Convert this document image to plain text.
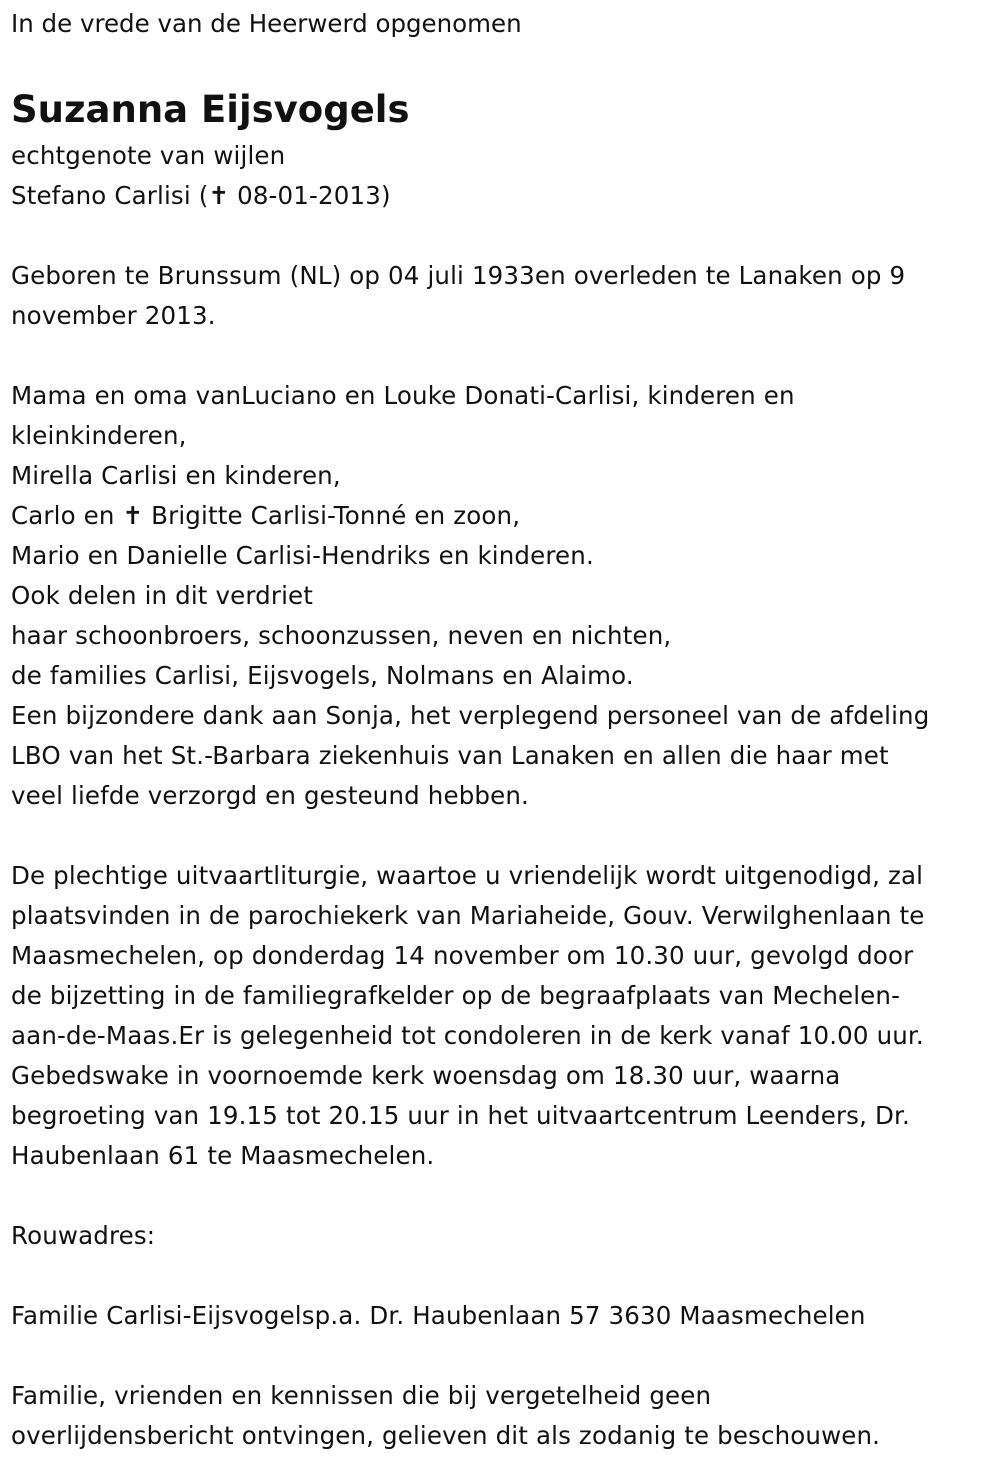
In de vrede van de Heerwerd opgenomen
Suzanna Eijsvogels
echtgenote van wijlen
Stefano Carlisi (✝ 08-01-2013)
Geboren te Brunssum (NL) op 04 juli 1933en overleden te Lanaken op 9
november 2013.
Mama en oma vanLuciano en Louke Donati-Carlisi, kinderen en
kleinkinderen,
Mirella Carlisi en kinderen,
Carlo en ✝ Brigitte Carlisi-Tonné en zoon,
Mario en Danielle Carlisi-Hendriks en kinderen.
Ook delen in dit verdriet
haar schoonbroers, schoonzussen, neven en nichten,
de families Carlisi, Eijsvogels, Nolmans en Alaimo.
Een bijzondere dank aan Sonja, het verplegend personeel van de afdeling
LBO van het St.-Barbara ziekenhuis van Lanaken en allen die haar met
veel liefde verzorgd en gesteund hebben.
De plechtige uitvaartliturgie, waartoe u vriendelijk wordt uitgenodigd, zal
plaatsvinden in de parochiekerk van Mariaheide, Gouv. Verwilghenlaan te
Maasmechelen, op donderdag 14 november om 10.30 uur, gevolgd door
de bijzetting in de familiegrafkelder op de begraafplaats van Mechelen-
aan-de-Maas.Er is gelegenheid tot condoleren in de kerk vanaf 10.00 uur.
Gebedswake in voornoemde kerk woensdag om 18.30 uur, waarna
begroeting van 19.15 tot 20.15 uur in het uitvaartcentrum Leenders, Dr.
Haubenlaan 61 te Maasmechelen.
Rouwadres:
Familie Carlisi-Eijsvogelsp.a. Dr. Haubenlaan 57 3630 Maasmechelen
Familie, vrienden en kennissen die bij vergetelheid geen
overlijdensbericht ontvingen, gelieven dit als zodanig te beschouwen.
